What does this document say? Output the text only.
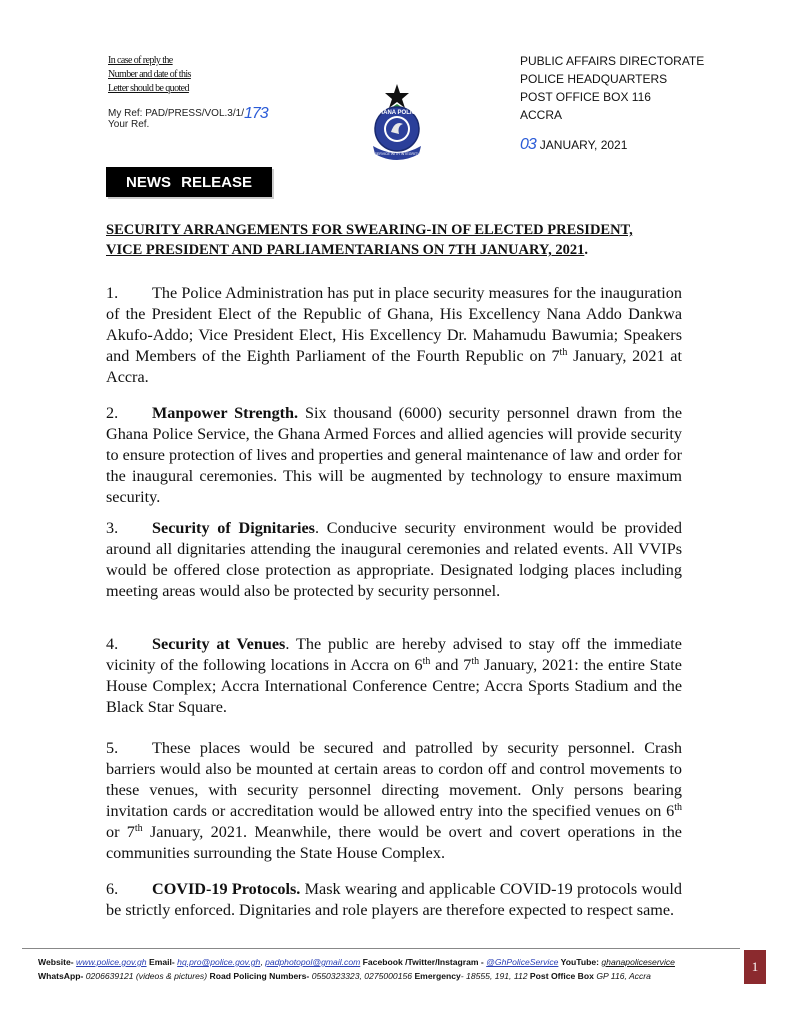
In case of reply the
Number and date of this
Letter should be quoted
My Ref: PAD/PRESS/VOL.3/1/173
Your Ref.
GHANA POLICE
SERVICE WITH INTEGRITY
PUBLIC AFFAIRS DIRECTORATE
POLICE HEADQUARTERS
POST OFFICE BOX 116
ACCRA
03 JANUARY, 2021
NEWS RELEASE
SECURITY ARRANGEMENTS FOR SWEARING-IN OF ELECTED PRESIDENT,
VICE PRESIDENT AND PARLIAMENTARIANS ON 7TH JANUARY, 2021.
1. The Police Administration has put in place security measures for the inauguration of the President Elect of the Republic of Ghana, His Excellency Nana Addo Dankwa Akufo-Addo; Vice President Elect, His Excellency Dr. Mahamudu Bawumia; Speakers and Members of the Eighth Parliament of the Fourth Republic on 7th January, 2021 at Accra.
2. Manpower Strength. Six thousand (6000) security personnel drawn from the Ghana Police Service, the Ghana Armed Forces and allied agencies will provide security to ensure protection of lives and properties and general maintenance of law and order for the inaugural ceremonies. This will be augmented by technology to ensure maximum security.
3. Security of Dignitaries. Conducive security environment would be provided around all dignitaries attending the inaugural ceremonies and related events. All VVIPs would be offered close protection as appropriate. Designated lodging places including meeting areas would also be protected by security personnel.
4. Security at Venues. The public are hereby advised to stay off the immediate vicinity of the following locations in Accra on 6th and 7th January, 2021: the entire State House Complex; Accra International Conference Centre; Accra Sports Stadium and the Black Star Square.
5. These places would be secured and patrolled by security personnel. Crash barriers would also be mounted at certain areas to cordon off and control movements to these venues, with security personnel directing movement. Only persons bearing invitation cards or accreditation would be allowed entry into the specified venues on 6th or 7th January, 2021. Meanwhile, there would be overt and covert operations in the communities surrounding the State House Complex.
6. COVID-19 Protocols. Mask wearing and applicable COVID-19 protocols would be strictly enforced. Dignitaries and role players are therefore expected to respect same.
Website- www.police.gov.gh Email- hq.pro@police.gov.gh, padphotopol@gmail.com Facebook /Twitter/Instagram - @GhPoliceService YouTube: ghanapoliceservice
WhatsApp- 0206639121 (videos & pictures) Road Policing Numbers- 0550323323, 0275000156 Emergency- 18555, 191, 112 Post Office Box GP 116, Accra
1
